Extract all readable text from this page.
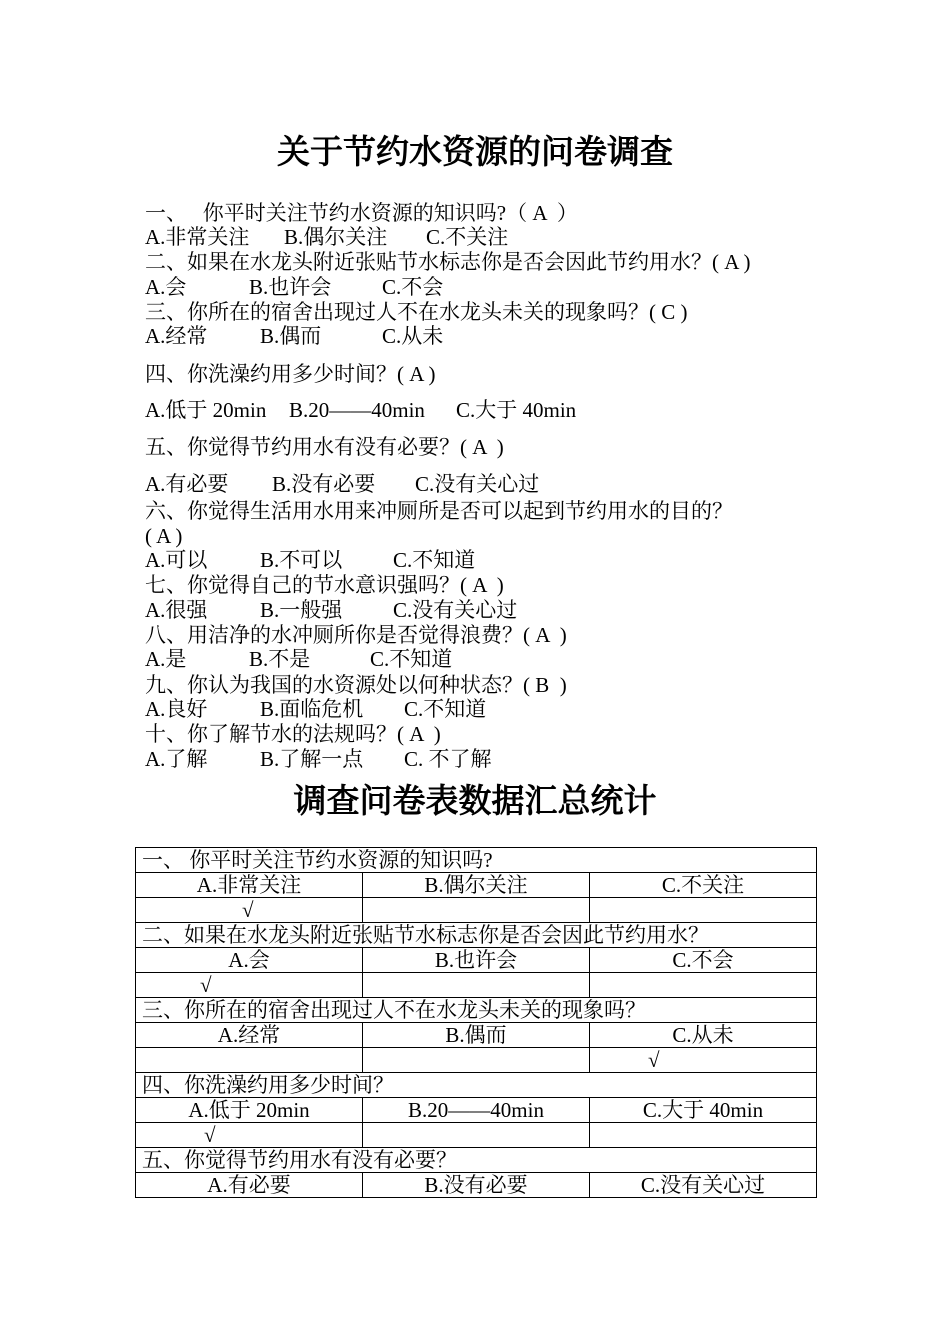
关于节约水资源的问卷调查
一、   你平时关注节约水资源的知识吗?（ A  ）
A.非常关注 B.偶尔关注 C.不关注
二、如果在水龙头附近张贴节水标志你是否会因此节约用水？( A )
A.会	B.也许会 C.不会
三、你所在的宿舍出现过人不在水龙头未关的现象吗？( C )
A.经常	B.偶而	C.从未
四、你洗澡约用多少时间？( A )
A.低于 20min B.20——40min C.大于 40min
五、你觉得节约用水有没有必要？( A  )
A.有必要 B.没有必要 C.没有关心过
六、你觉得生活用水用来冲厕所是否可以起到节约用水的目的？
( A )
A.可以	B.不可以 C.不知道
七、你觉得自己的节水意识强吗？( A  )
A.很强	B.一般强 C.没有关心过
八、用洁净的水冲厕所你是否觉得浪费？( A  )
A.是	B.不是	C.不知道
九、你认为我国的水资源处以何种状态？( B  )
A.良好	B.面临危机 C.不知道
十、你了解节水的法规吗？( A  )
A.了解	B.了解一点 C. 不了解
调查问卷表数据汇总统计
一、 你平时关注节约水资源的知识吗?		
A.非常关注	B.偶尔关注	C.不关注
√		
二、如果在水龙头附近张贴节水标志你是否会因此节约用水？		
A.会	B.也许会	C.不会
√		
三、你所在的宿舍出现过人不在水龙头未关的现象吗？		
A.经常	B.偶而	C.从未
		√
四、你洗澡约用多少时间？		
A.低于 20min	B.20——40min	C.大于 40min
√		
五、你觉得节约用水有没有必要？		
A.有必要	B.没有必要	C.没有关心过
